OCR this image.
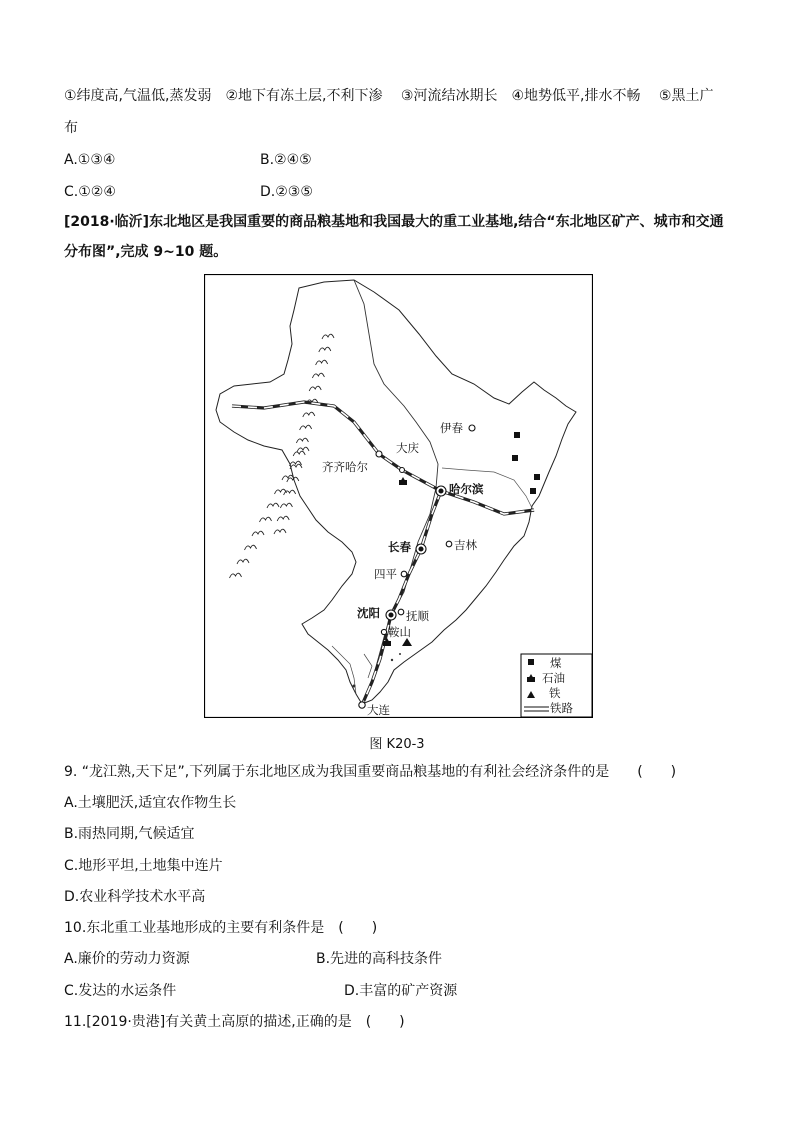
①纬度高,气温低,蒸发弱　②地下有冻土层,不利下渗　 ③河流结冰期长　④地势低平,排水不畅　 ⑤黑土广
布
A.①③④	B.②④⑤
C.①②④	D.②③⑤
[2018·临沂]东北地区是我国重要的商品粮基地和我国最大的重工业基地,结合“东北地区矿产、城市和交通
分布图”,完成 9~10 题。
伊春
大庆
齐齐哈尔
哈尔滨
长春	吉林
四平
沈阳 抚顺
鞍山
大连
煤
石油
铁
铁路
图 K20-3
9. “龙江熟,天下足”,下列属于东北地区成为我国重要商品粮基地的有利社会经济条件的是　　(　　)
A.土壤肥沃,适宜农作物生长
B.雨热同期,气候适宜
C.地形平坦,土地集中连片
D.农业科学技术水平高
10.东北重工业基地形成的主要有利条件是　(　　)
A.廉价的劳动力资源	B.先进的高科技条件
C.发达的水运条件	D.丰富的矿产资源
11.[2019·贵港]有关黄土高原的描述,正确的是　(　　)
